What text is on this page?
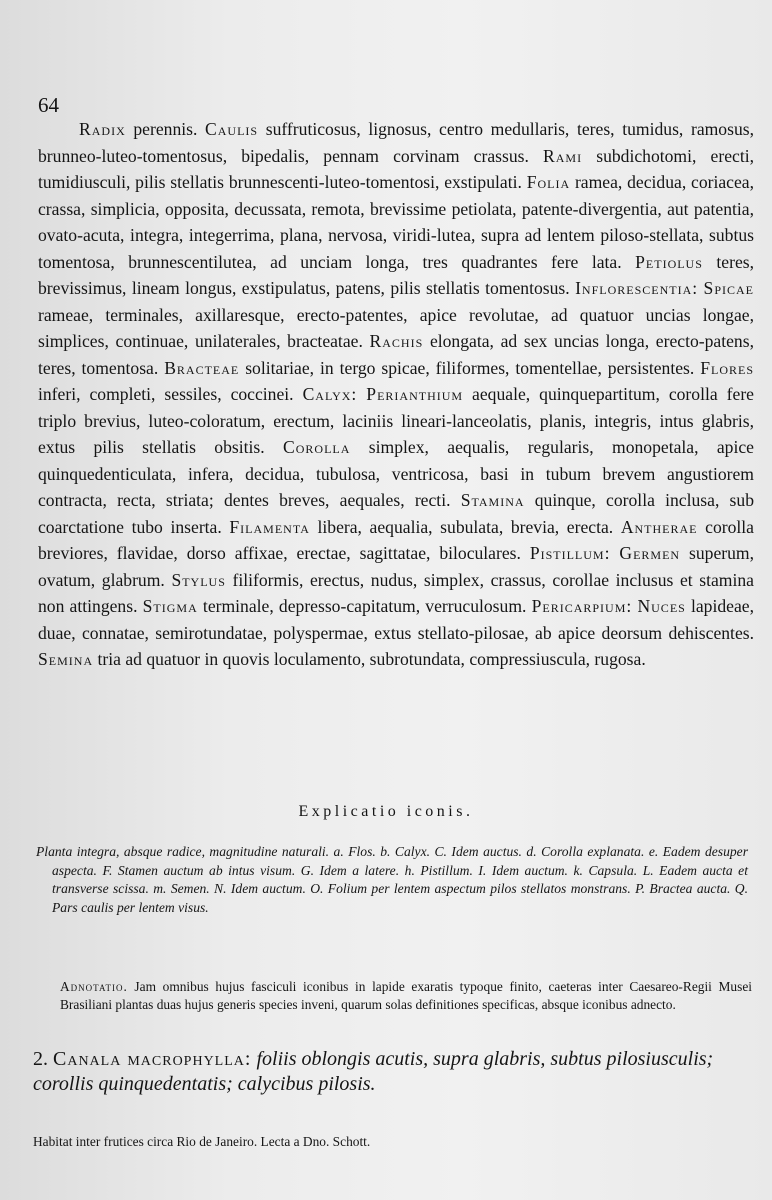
64

Radix perennis. Caulis suffruticosus, lignosus, centro medullaris, teres, tumidus, ramosus, brunneo-luteo-tomentosus, bipedalis, pennam corvinam crassus. Rami subdichotomi, erecti, tumidiusculi, pilis stellatis brunnescenti-luteo-tomentosi, exstipulati. Folia ramea, decidua, coriacea, crassa, simplicia, opposita, decussata, remota, brevissime petiolata, patente-divergentia, aut patentia, ovato-acuta, integra, integerrima, plana, nervosa, viridi-lutea, supra ad lentem piloso-stellata, subtus tomentosa, brunnescentilutea, ad unciam longa, tres quadrantes fere lata. Petiolus teres, brevissimus, lineam longus, exstipulatus, patens, pilis stellatis tomentosus. Inflorescentia: Spicae rameae, terminales, axillaresque, erecto-patentes, apice revolutae, ad quatuor uncias longae, simplices, continuae, unilaterales, bracteatae. Rachis elongata, ad sex uncias longa, erecto-patens, teres, tomentosa. Bracteae solitariae, in tergo spicae, filiformes, tomentellae, persistentes. Flores inferi, completi, sessiles, coccinei. Calyx: Perianthium aequale, quinquepartitum, corolla fere triplo brevius, luteo-coloratum, erectum, laciniis lineari-lanceolatis, planis, integris, intus glabris, extus pilis stellatis obsitis. Corolla simplex, aequalis, regularis, monopetala, apice quinquedenticulata, infera, decidua, tubulosa, ventricosa, basi in tubum brevem angustiorem contracta, recta, striata; dentes breves, aequales, recti. Stamina quinque, corolla inclusa, sub coarctatione tubo inserta. Filamenta libera, aequalia, subulata, brevia, erecta. Antherae corolla breviores, flavidae, dorso affixae, erectae, sagittatae, biloculares. Pistillum: Germen superum, ovatum, glabrum. Stylus filiformis, erectus, nudus, simplex, crassus, corollae inclusus et stamina non attingens. Stigma terminale, depresso-capitatum, verruculosum. Pericarpium: Nuces lapideae, duae, connatae, semirotundatae, polyspermae, extus stellato-pilosae, ab apice deorsum dehiscentes. Semina tria ad quatuor in quovis loculamento, subrotundata, compressiuscula, rugosa.

Explicatio iconis.

Planta integra, absque radice, magnitudine naturali. a. Flos. b. Calyx. C. Idem auctus. d. Corolla explanata. e. Eadem desuper aspecta. F. Stamen auctum ab intus visum. G. Idem a latere. h. Pistillum. I. Idem auctum. k. Capsula. L. Eadem aucta et transverse scissa. m. Semen. N. Idem auctum. O. Folium per lentem aspectum pilos stellatos monstrans. P. Bractea aucta. Q. Pars caulis per lentem visus.

Adnotatio. Jam omnibus hujus fasciculi iconibus in lapide exaratis typoque finito, caeteras inter Caesareo-Regii Musei Brasiliani plantas duas hujus generis species inveni, quarum solas definitiones specificas, absque iconibus adnecto.

2. Canala macrophylla: foliis oblongis acutis, supra glabris, subtus pilosiusculis; corollis quinquedentatis; calycibus pilosis.

Habitat inter frutices circa Rio de Janeiro. Lecta a Dno. Schott.
